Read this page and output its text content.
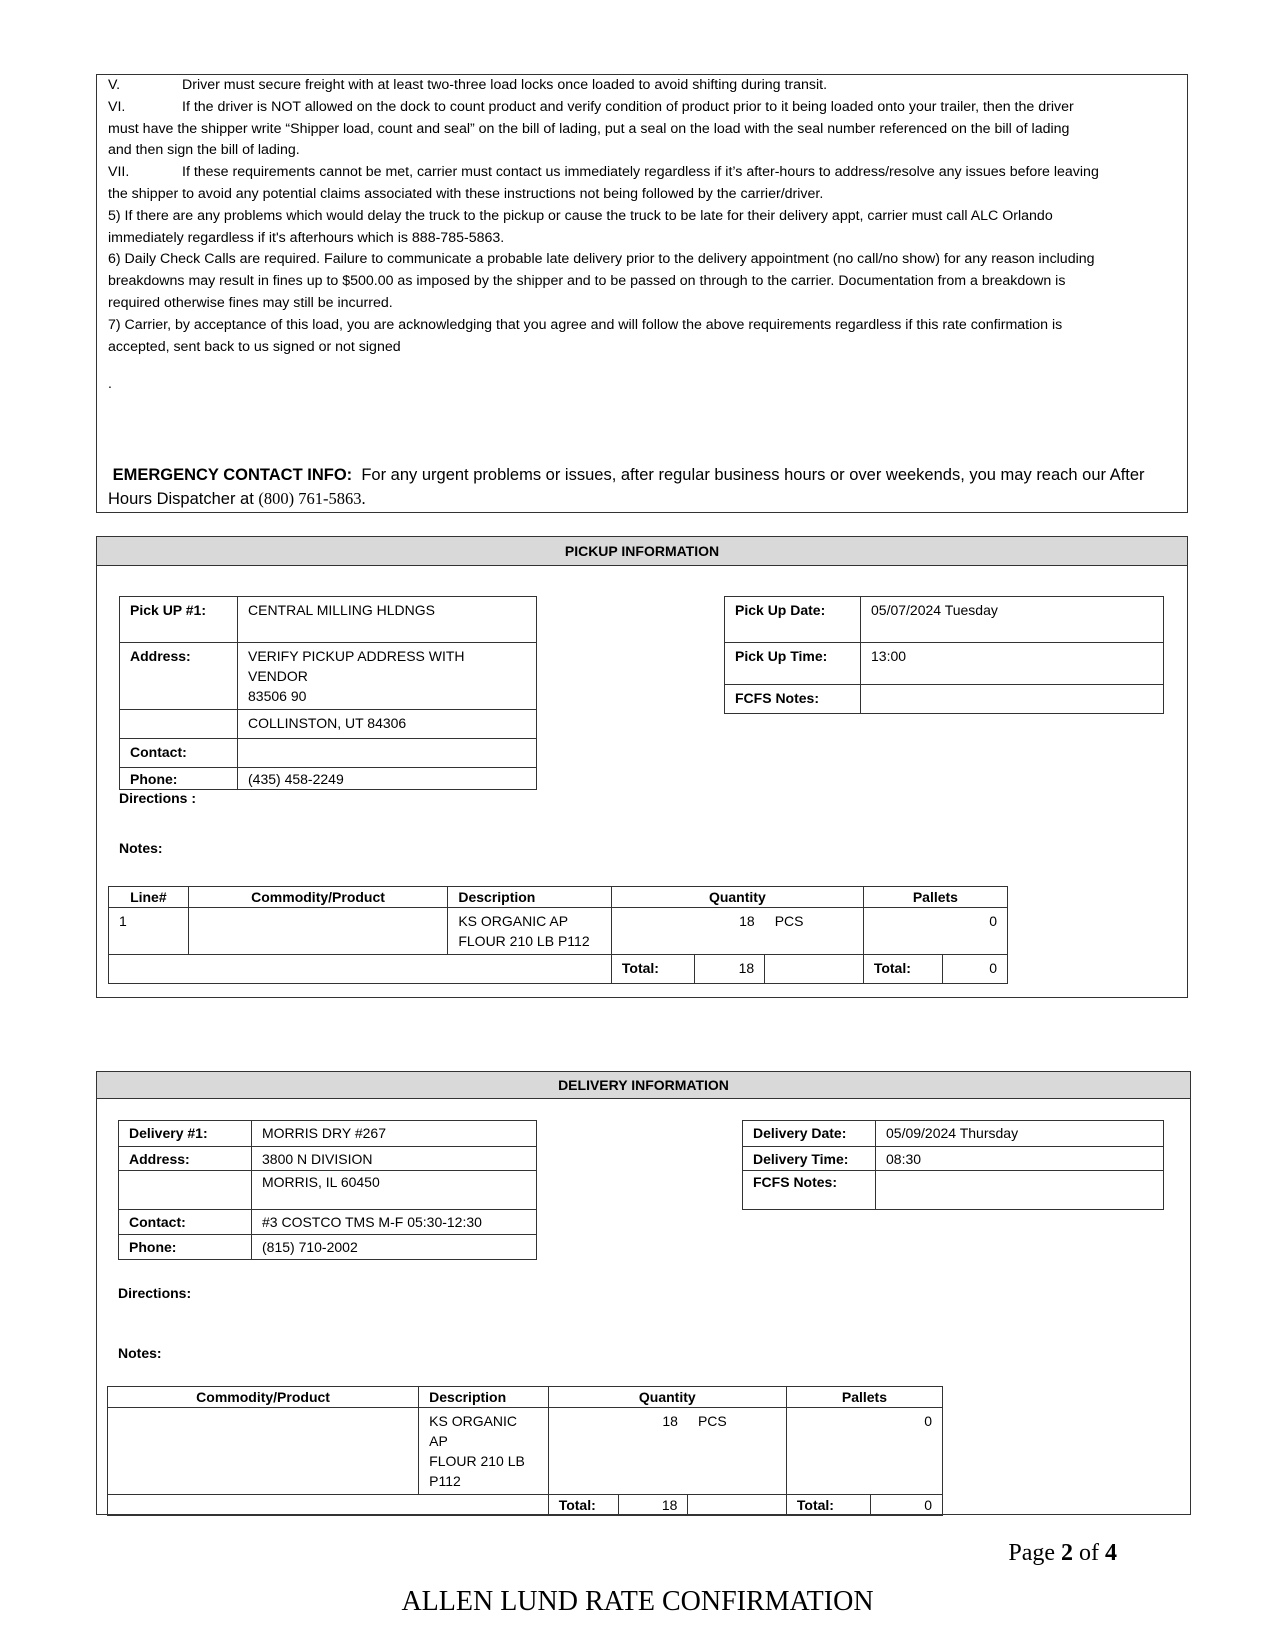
V.	Driver must secure freight with at least two-three load locks once loaded to avoid shifting during transit.

VI.	If the driver is NOT allowed on the dock to count product and verify condition of product prior to it being loaded onto your trailer, then the driver

must have the shipper write “Shipper load, count and seal” on the bill of lading, put a seal on the load with the seal number referenced on the bill of lading

and then sign the bill of lading.

VII.	If these requirements cannot be met, carrier must contact us immediately regardless if it’s after-hours to address/resolve any issues before leaving

the shipper to avoid any potential claims associated with these instructions not being followed by the carrier/driver.

5) If there are any problems which would delay the truck to the pickup or cause the truck to be late for their delivery appt, carrier must call ALC Orlando

immediately regardless if it's afterhours which is 888-785-5863.

6) Daily Check Calls are required. Failure to communicate a probable late delivery prior to the delivery appointment (no call/no show) for any reason including

breakdowns may result in fines up to $500.00 as imposed by the shipper and to be passed on through to the carrier. Documentation from a breakdown is

required otherwise fines may still be incurred.

7) Carrier, by acceptance of this load, you are acknowledging that you agree and will follow the above requirements regardless if this rate confirmation is

accepted, sent back to us signed or not signed

.
EMERGENCY CONTACT INFO: For any urgent problems or issues, after regular business hours or over weekends, you may reach our After
Hours Dispatcher at (800) 761-5863.
PICKUP INFORMATION
Pick UP #1:	CENTRAL MILLING HLDNGS
Address:	VERIFY PICKUP ADDRESS WITH VENDOR
83506 90

	COLLINSTON, UT 84306
Contact:	
Phone:	(435) 458-2249
Pick Up Date:	05/07/2024 Tuesday
Pick Up Time:	13:00
FCFS Notes:	
Directions :
Notes:
Line#	Commodity/Product	Description	Quantity			Pallets	
1		KS ORGANIC AP
FLOUR 210 LB P112	18		PCS	0	
			Total:	18		Total:	0
DELIVERY INFORMATION
Delivery #1:	MORRIS DRY #267
Address:	3800 N DIVISION
	MORRIS, IL 60450
Contact:	#3 COSTCO TMS M-F 05:30-12:30
Phone:	(815) 710-2002
Delivery Date:	05/09/2024 Thursday
Delivery Time:	08:30
FCFS Notes:	
Directions:
Notes:
Commodity/Product	Description	Quantity			Pallets	

	KS ORGANIC AP
FLOUR 210 LB
P112	18		PCS	0	
		Total:	18		Total:	0
Page 2 of 4
ALLEN LUND RATE CONFIRMATION
